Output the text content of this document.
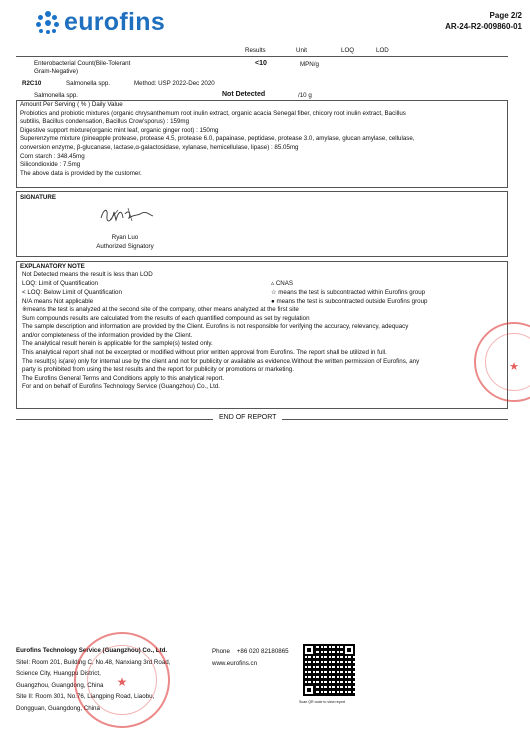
eurofins	Page 2/2
AR-24-R2-009860-01
Results	Unit	LOQ	LOD
Enterobacterial Count(Bile-Tolerant
Gram-Negative)
<10	MPN/g
R2C10	Salmonella spp.	Method: USP 2022-Dec 2020
Salmonella spp.	Not Detected	/10 g
Amount Per Serving ( % ) Daily Value
Probiotics and probiotic mixtures (organic chrysanthemum root inulin extract, organic acacia Senegal fiber, chicory root inulin extract, Bacillus
subtilis, Bacillus condensation, Bacillus Crow'sporus) : 159mg
Digestive support mixture(organic mint leaf, organic ginger root) : 150mg
Superenzyme mixture (pineapple protease, protease 4.5, protease 6.0, papainase, peptidase, protease 3.0, amylase, glucan amylase, cellulase,
conversion enzyme, β-glucanase, lactase,α-galactosidase, xylanase, hemicellulase, lipase) : 85.05mg
Corn starch : 348.45mg
Silicondioxide : 7.5mg
The above data is provided by the customer.
SIGNATURE
Ryan Luo
Authorized Signatory
EXPLANATORY NOTE
Not Detected means the result is less than LOD
LOQ: Limit of Quantification	▵ CNAS
< LOQ: Below Limit of Quantification	☆ means the test is subcontracted within Eurofins group
N/A means Not applicable	● means the test is subcontracted outside Eurofins group
※means the test is analyzed at the second site of the company, other means analyzed at the first site
Sum compounds results are calculated from the results of each quantified compound as set by regulation
The sample description and information are provided by the Client. Eurofins is not responsible for verifying the accuracy, relevancy, adequacy
and/or completeness of the information provided by the Client.
The analytical result herein is applicable for the sample(s) tested only.
This analytical report shall not be excerpted or modified without prior written approval from Eurofins. The report shall be utilized in full.
The result(s) is(are) only for internal use by the client and not for publicity or available as evidence.Without the written permission of Eurofins, any
party is prohibited from using the test results and the report for publicity or promotions or marketing.
The Eurofins General Terms and Conditions apply to this analytical report.
For and on behalf of Eurofins Technology Service (Guangzhou) Co., Ltd.
★
END OF REPORT
Eurofins Technology Service (Guangzhou) Co., Ltd.
SiteI: Room 201, Building C, No.48, Nanxiang 3rd Road,
Science City, Huangpu District,
Guangzhou, Guangdong, China
Site II: Room 301, No.76, Liangping Road, Liaobu,
Dongguan, Guangdong, China
★
Phone +86 020 82180865
www.eurofins.cn
Scan QR code to view report
